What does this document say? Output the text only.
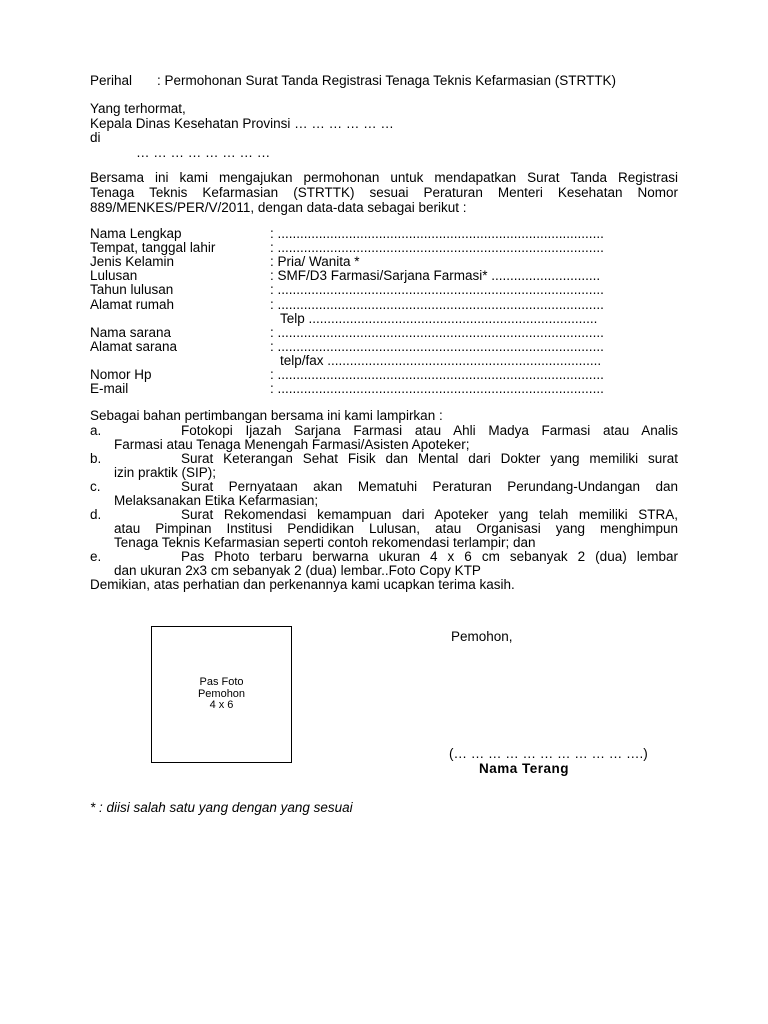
Perihal : Permohonan Surat Tanda Registrasi Tenaga Teknis Kefarmasian (STRTTK)
Yang terhormat,
Kepala Dinas Kesehatan Provinsi … … … … … …
di
… … … … … … … …
Bersama ini kami mengajukan permohonan untuk mendapatkan Surat Tanda Registrasi
Tenaga Teknis Kefarmasian (STRTTK) sesuai Peraturan Menteri Kesehatan Nomor
889/MENKES/PER/V/2011, dengan data-data sebagai berikut :
Nama Lengkap	: .......................................................................................
Tempat, tanggal lahir	: .......................................................................................
Jenis Kelamin	: Pria/ Wanita *
Lulusan	: SMF/D3 Farmasi/Sarjana Farmasi* .............................
Tahun lulusan	: .......................................................................................
Alamat rumah	: .......................................................................................
Telp .............................................................................
Nama sarana	: .......................................................................................
Alamat sarana	: .......................................................................................
telp/fax .........................................................................
Nomor Hp	: .......................................................................................
E-mail	: .......................................................................................
Sebagai bahan pertimbangan bersama ini kami lampirkan :
a.	Fotokopi Ijazah Sarjana Farmasi atau Ahli Madya Farmasi atau Analis
Farmasi atau Tenaga Menengah Farmasi/Asisten Apoteker;
b.	Surat Keterangan Sehat Fisik dan Mental dari Dokter yang memiliki surat
izin praktik (SIP);
c.	Surat Pernyataan akan Mematuhi Peraturan Perundang-Undangan dan
Melaksanakan Etika Kefarmasian;
d.	Surat Rekomendasi kemampuan dari Apoteker yang telah memiliki STRA,
atau Pimpinan Institusi Pendidikan Lulusan, atau Organisasi yang menghimpun
Tenaga Teknis Kefarmasian seperti contoh rekomendasi terlampir; dan
e.	Pas Photo terbaru berwarna ukuran 4 x 6 cm sebanyak 2 (dua) lembar
dan ukuran 2x3 cm sebanyak 2 (dua) lembar..Foto Copy KTP
Demikian, atas perhatian dan perkenannya kami ucapkan terima kasih.
Pas Foto
Pemohon
4 x 6
Pemohon,
(… … … … … … … … … … ….)
Nama Terang
* : diisi salah satu yang dengan yang sesuai
